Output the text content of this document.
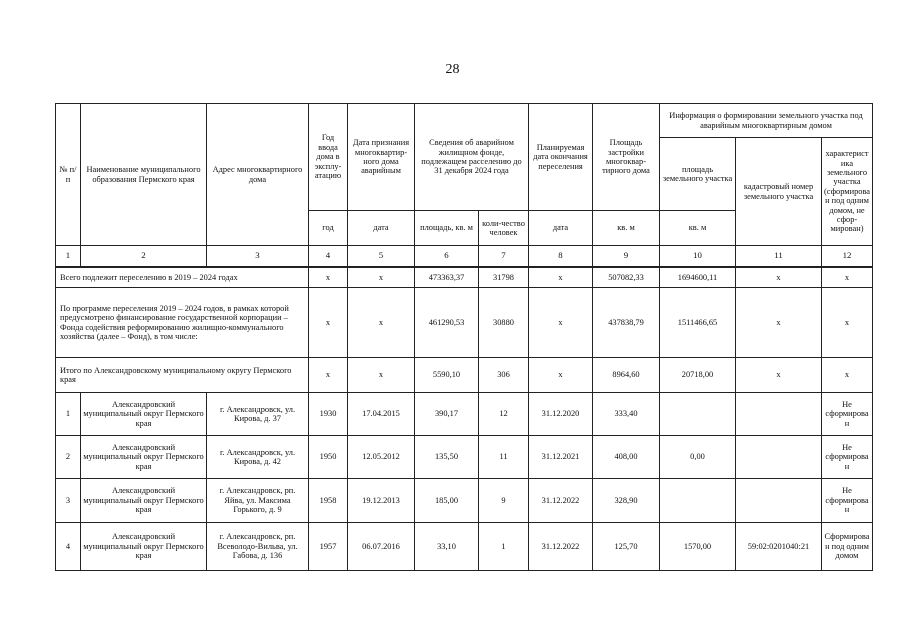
28
№ п/п	Наименование муниципального образования Пермского края	Адрес многоквартирного дома	Год ввода дома в эксплу-атацию	Дата признания многоквартир-ного дома аварийным	Сведения об аварийном жилищном фонде, подлежащем расселению до 31 декабря 2024 года		Планируемая дата окончания переселения	Площадь застройки многоквар-тирного дома	Информация о формировании земельного участка под аварийным многоквартирным домом		
									площадь земельного участка	кадастровый номер земельного участка	характеристика земельного участка (сформирован под одним домом, не сфор-мирован)
			год	дата	площадь, кв. м	коли-чество человек	дата	кв. м	кв. м		
1	2	3	4	5	6	7	8	9	10	11	12
Всего подлежит переселению в 2019 – 2024 годах			x	x	473363,37	31798	x	507082,33	1694600,11	x	x
По программе переселения 2019 – 2024 годов, в рамках которой предусмотрено финансирование государственной корпорации – Фонда содействия реформированию жилищно-коммунального хозяйства (далее – Фонд), в том числе:			x	x	461290,53	30880	x	437838,79	1511466,65	x	x
Итого по Александровскому муниципальному округу Пермского края			x	x	5590,10	306	x	8964,60	20718,00	x	x
1	Александровский муниципальный округ Пермского края	г. Александровск, ул. Кирова, д. 37	1930	17.04.2015	390,17	12	31.12.2020	333,40			Не сформирован
2	Александровский муниципальный округ Пермского края	г. Александровск, ул. Кирова, д. 42	1950	12.05.2012	135,50	11	31.12.2021	408,00	0,00		Не сформирован
3	Александровский муниципальный округ Пермского края	г. Александровск, рп. Яйва, ул. Максима Горького, д. 9	1958	19.12.2013	185,00	9	31.12.2022	328,90			Не сформирован
4	Александровский муниципальный округ Пермского края	г. Александровск, рп. Всеволодо-Вильва, ул. Габова, д. 136	1957	06.07.2016	33,10	1	31.12.2022	125,70	1570,00	59:02:0201040:21	Сформирован под одним домом
